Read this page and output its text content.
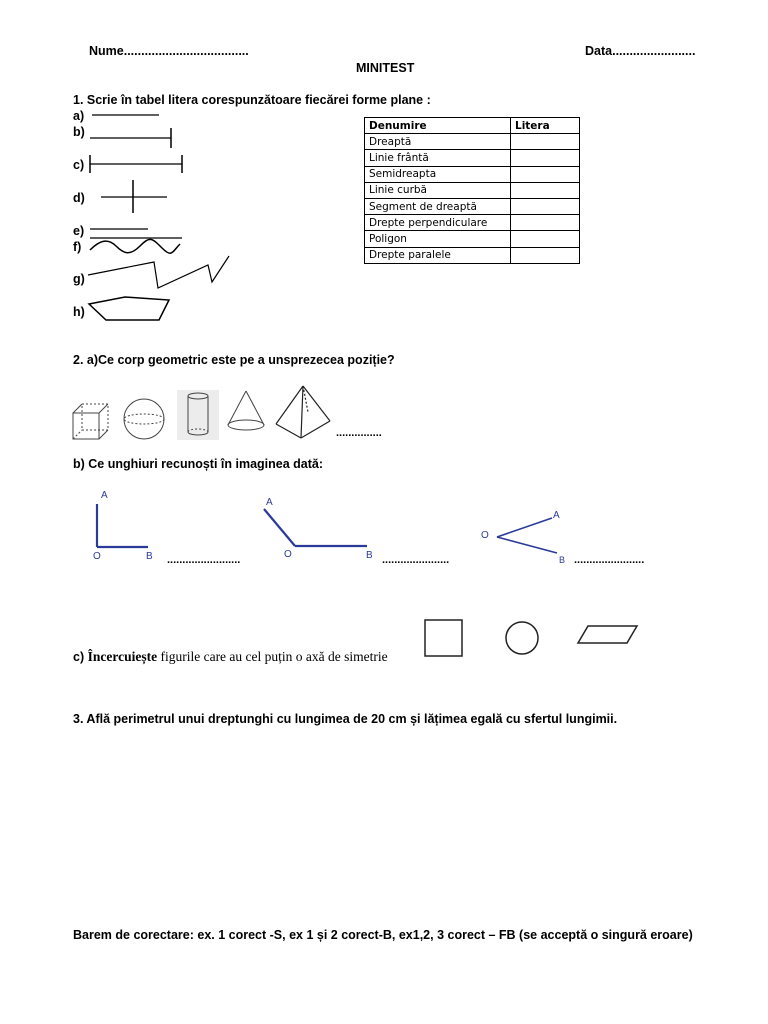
Nume....................................	Data........................
MINITEST
1. Scrie în tabel litera corespunzătoare fiecărei forme plane :
a)
b)
c)
d)
e)
f)
g)
h)
Denumire	Litera
Dreaptă	
Linie frântă	
Semidreapta	
Linie curbă	
Segment de dreaptă	
Drepte perpendiculare	
Poligon	
Drepte paralele	
2. a)Ce corp geometric este pe a unsprezecea poziție?
...............
b) Ce unghiuri recunoști în imaginea dată:
A
O	B ........................
A
O	B ......................
A
O
B .......................
c) Încercuiește figurile care au cel puțin o axă de simetrie
3. Află perimetrul unui dreptunghi cu lungimea de 20 cm și lățimea egală cu sfertul lungimii.
Barem de corectare: ex. 1 corect -S, ex 1 și 2 corect-B, ex1,2, 3 corect – FB (se acceptă o singură eroare)
